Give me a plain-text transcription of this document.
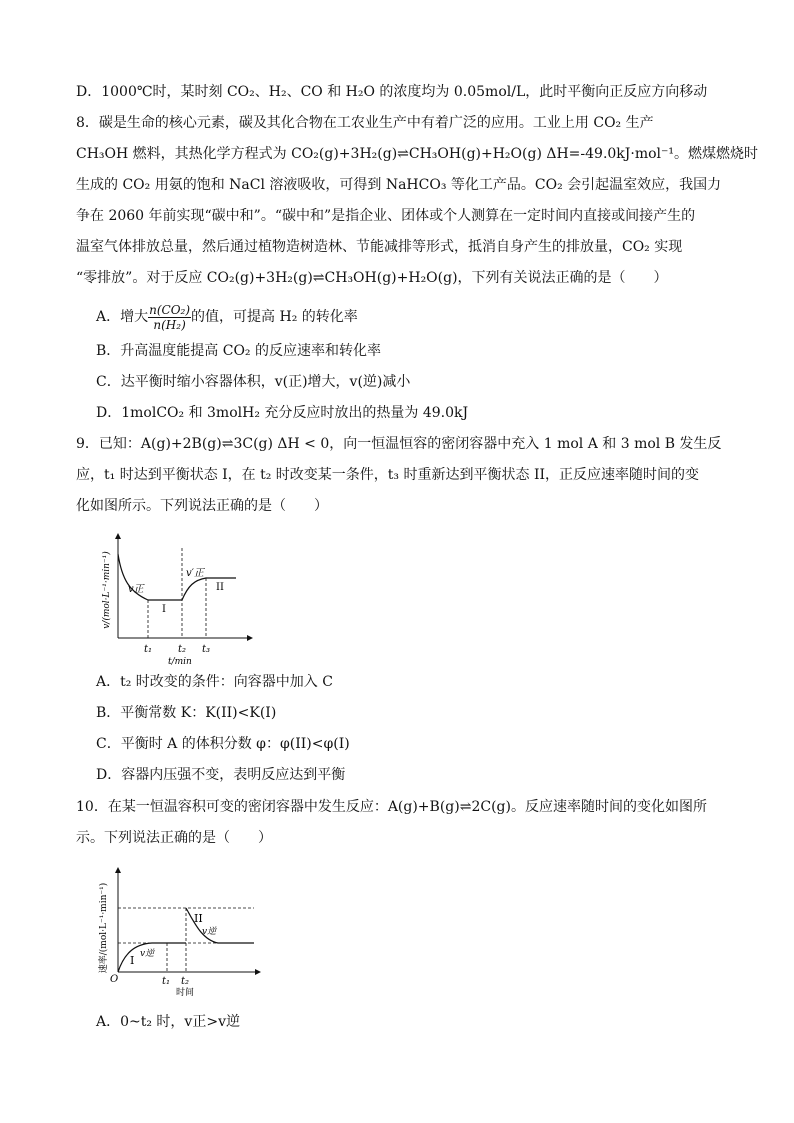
D．1000℃时，某时刻 CO₂、H₂、CO 和 H₂O 的浓度均为 0.05mol/L，此时平衡向正反应方向移动
8．碳是生命的核心元素，碳及其化合物在工农业生产中有着广泛的应用。工业上用 CO₂ 生产
CH₃OH 燃料，其热化学方程式为 CO₂(g)+3H₂(g)⇌CH₃OH(g)+H₂O(g) ΔH=-49.0kJ·mol⁻¹。燃煤燃烧时
生成的 CO₂ 用氨的饱和 NaCl 溶液吸收，可得到 NaHCO₃ 等化工产品。CO₂ 会引起温室效应，我国力
争在 2060 年前实现“碳中和”。“碳中和”是指企业、团体或个人测算在一定时间内直接或间接产生的
温室气体排放总量，然后通过植物造树造林、节能减排等形式，抵消自身产生的排放量，CO₂ 实现
“零排放”。对于反应 CO₂(g)+3H₂(g)⇌CH₃OH(g)+H₂O(g)，下列有关说法正确的是（　　）
A．增大 $\frac{\text{n(CO₂)}}{\text{n(H₂)}}$ 的值，可提高 H₂ 的转化率
B．升高温度能提高 CO₂ 的反应速率和转化率
C．达平衡时缩小容器体积，v(正)增大，v(逆)减小
D．1molCO₂ 和 3molH₂ 充分反应时放出的热量为 49.0kJ
9．已知：A(g)+2B(g)⇌3C(g) ΔH < 0，向一恒温恒容的密闭容器中充入 1 mol A 和 3 mol B 发生反
应，t₁ 时达到平衡状态 I，在 t₂ 时改变某一条件，t₃ 时重新达到平衡状态 II，正反应速率随时间的变
化如图所示。下列说法正确的是（　　）
v/(mol·L⁻¹·min⁻¹) v正
v′正
I
II
t₁	t₂ t₃
t/min
A．t₂ 时改变的条件：向容器中加入 C
B．平衡常数 K：K(II)<K(I)
C．平衡时 A 的体积分数 φ：φ(II)<φ(I)
D．容器内压强不变，表明反应达到平衡
10．在某一恒温容积可变的密闭容器中发生反应：A(g)+B(g)⇌2C(g)。反应速率随时间的变化如图所
示。下列说法正确的是（　　）
速率/(mol·L⁻¹·min⁻¹)
O
v逆
v逆
I
II
t₁ t₂
时间
A．0~t₂ 时，v正>v逆
